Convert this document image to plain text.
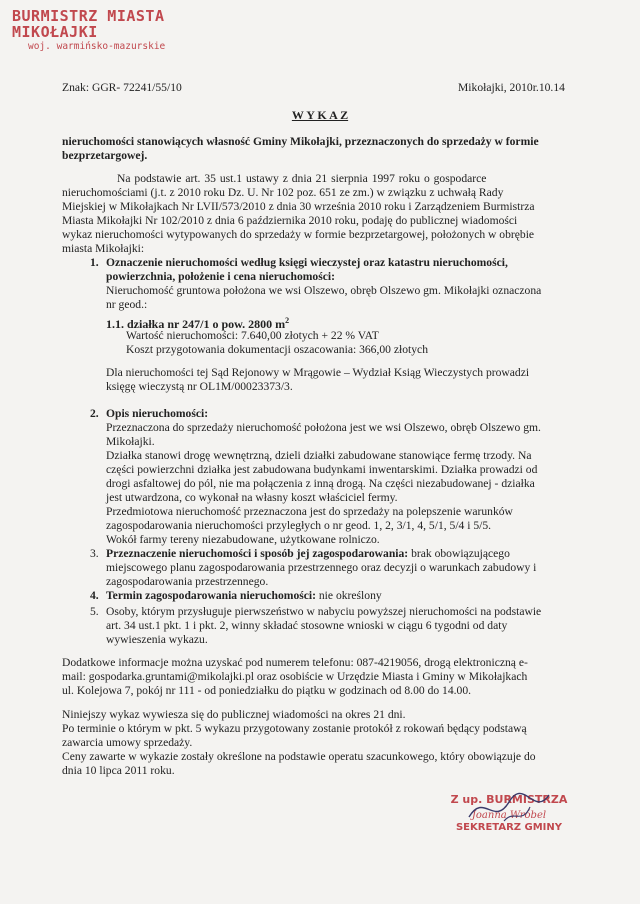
BURMISTRZ MIASTA MIKOŁAJKI
woj. warmińsko-mazurskie
Znak: GGR- 72241/55/10	Mikołajki, 2010r.10.14
W Y K A Z
nieruchomości stanowiących własność Gminy Mikołajki, przeznaczonych do sprzedaży w formie
bezprzetargowej.
Na podstawie art. 35 ust.1 ustawy z dnia 21 sierpnia 1997 roku o gospodarce
nieruchomościami (j.t. z 2010 roku Dz. U. Nr 102 poz. 651 ze zm.) w związku z uchwałą Rady
Miejskiej w Mikołajkach Nr LVII/573/2010 z dnia 30 września 2010 roku i Zarządzeniem Burmistrza
Miasta Mikołajki Nr 102/2010 z dnia 6 października 2010 roku, podaję do publicznej wiadomości
wykaz nieruchomości wytypowanych do sprzedaży w formie bezprzetargowej, położonych w obrębie
miasta Mikołajki:
1. Oznaczenie nieruchomości według księgi wieczystej oraz katastru nieruchomości,
powierzchnia, położenie i cena nieruchomości:
Nieruchomość gruntowa położona we wsi Olszewo, obręb Olszewo gm. Mikołajki oznaczona
nr geod.:
1.1. działka nr 247/1 o pow. 2800 $m^2$
Wartość nieruchomości: 7.640,00 złotych + 22 % VAT
Koszt przygotowania dokumentacji oszacowania: 366,00 złotych
Dla nieruchomości tej Sąd Rejonowy w Mrągowie – Wydział Ksiąg Wieczystych prowadzi
księgę wieczystą nr OL1M/00023373/3.
2. Opis nieruchomości:
Przeznaczona do sprzedaży nieruchomość położona jest we wsi Olszewo, obręb Olszewo gm.
Mikołajki.
Działka stanowi drogę wewnętrzną, dzieli działki zabudowane stanowiące fermę trzody. Na
części powierzchni działka jest zabudowana budynkami inwentarskimi. Działka prowadzi od
drogi asfaltowej do pól, nie ma połączenia z inną drogą. Na części niezabudowanej - działka
jest utwardzona, co wykonał na własny koszt właściciel fermy.
Przedmiotowa nieruchomość przeznaczona jest do sprzedaży na polepszenie warunków
zagospodarowania nieruchomości przyległych o nr geod. 1, 2, 3/1, 4, 5/1, 5/4 i 5/5.
Wokół farmy tereny niezabudowane, użytkowane rolniczo.
3. Przeznaczenie nieruchomości i sposób jej zagospodarowania: brak obowiązującego
miejscowego planu zagospodarowania przestrzennego oraz decyzji o warunkach zabudowy i
zagospodarowania przestrzennego.
4. Termin zagospodarowania nieruchomości: nie określony
5. Osoby, którym przysługuje pierwszeństwo w nabyciu powyższej nieruchomości na podstawie
art. 34 ust.1 pkt. 1 i pkt. 2, winny składać stosowne wnioski w ciągu 6 tygodni od daty
wywieszenia wykazu.
Dodatkowe informacje można uzyskać pod numerem telefonu: 087-4219056, drogą elektroniczną e-
mail: gospodarka.gruntami@mikolajki.pl oraz osobiście w Urzędzie Miasta i Gminy w Mikołajkach
ul. Kolejowa 7, pokój nr 111 - od poniedziałku do piątku w godzinach od 8.00 do 14.00.
Niniejszy wykaz wywiesza się do publicznej wiadomości na okres 21 dni.
Po terminie o którym w pkt. 5 wykazu przygotowany zostanie protokół z rokowań będący podstawą
zawarcia umowy sprzedaży.
Ceny zawarte w wykazie zostały określone na podstawie operatu szacunkowego, który obowiązuje do
dnia 10 lipca 2011 roku.
Z up. BURMISTRZA
Joanna Wróbel
SEKRETARZ GMINY
